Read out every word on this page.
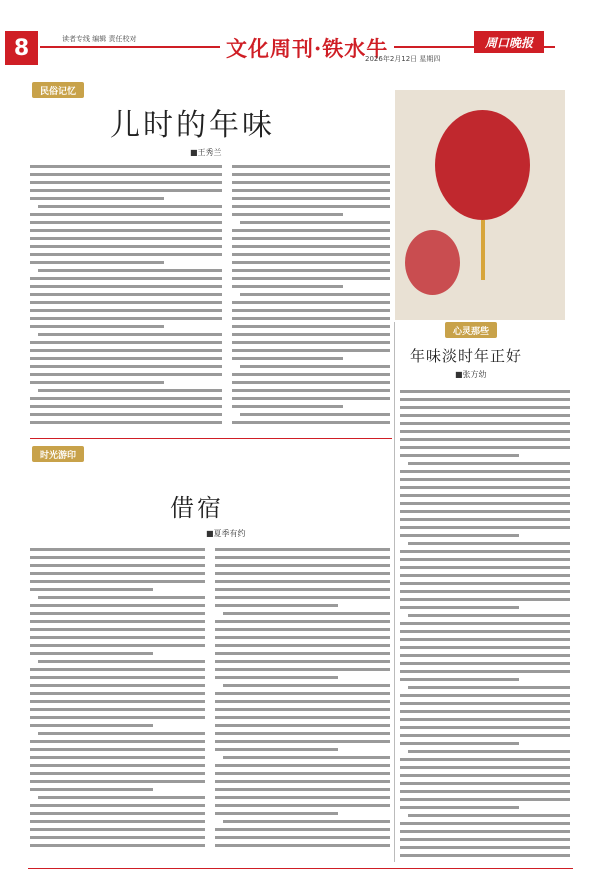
8	读者专线 编辑 责任校对	文化周刊·铁水牛	周口晚报
2026年2月12日 星期四
民俗记忆
儿时的年味
■王秀兰
心灵那些
年味淡时年正好
■张方幼
时光游印
借宿
■夏季有约
